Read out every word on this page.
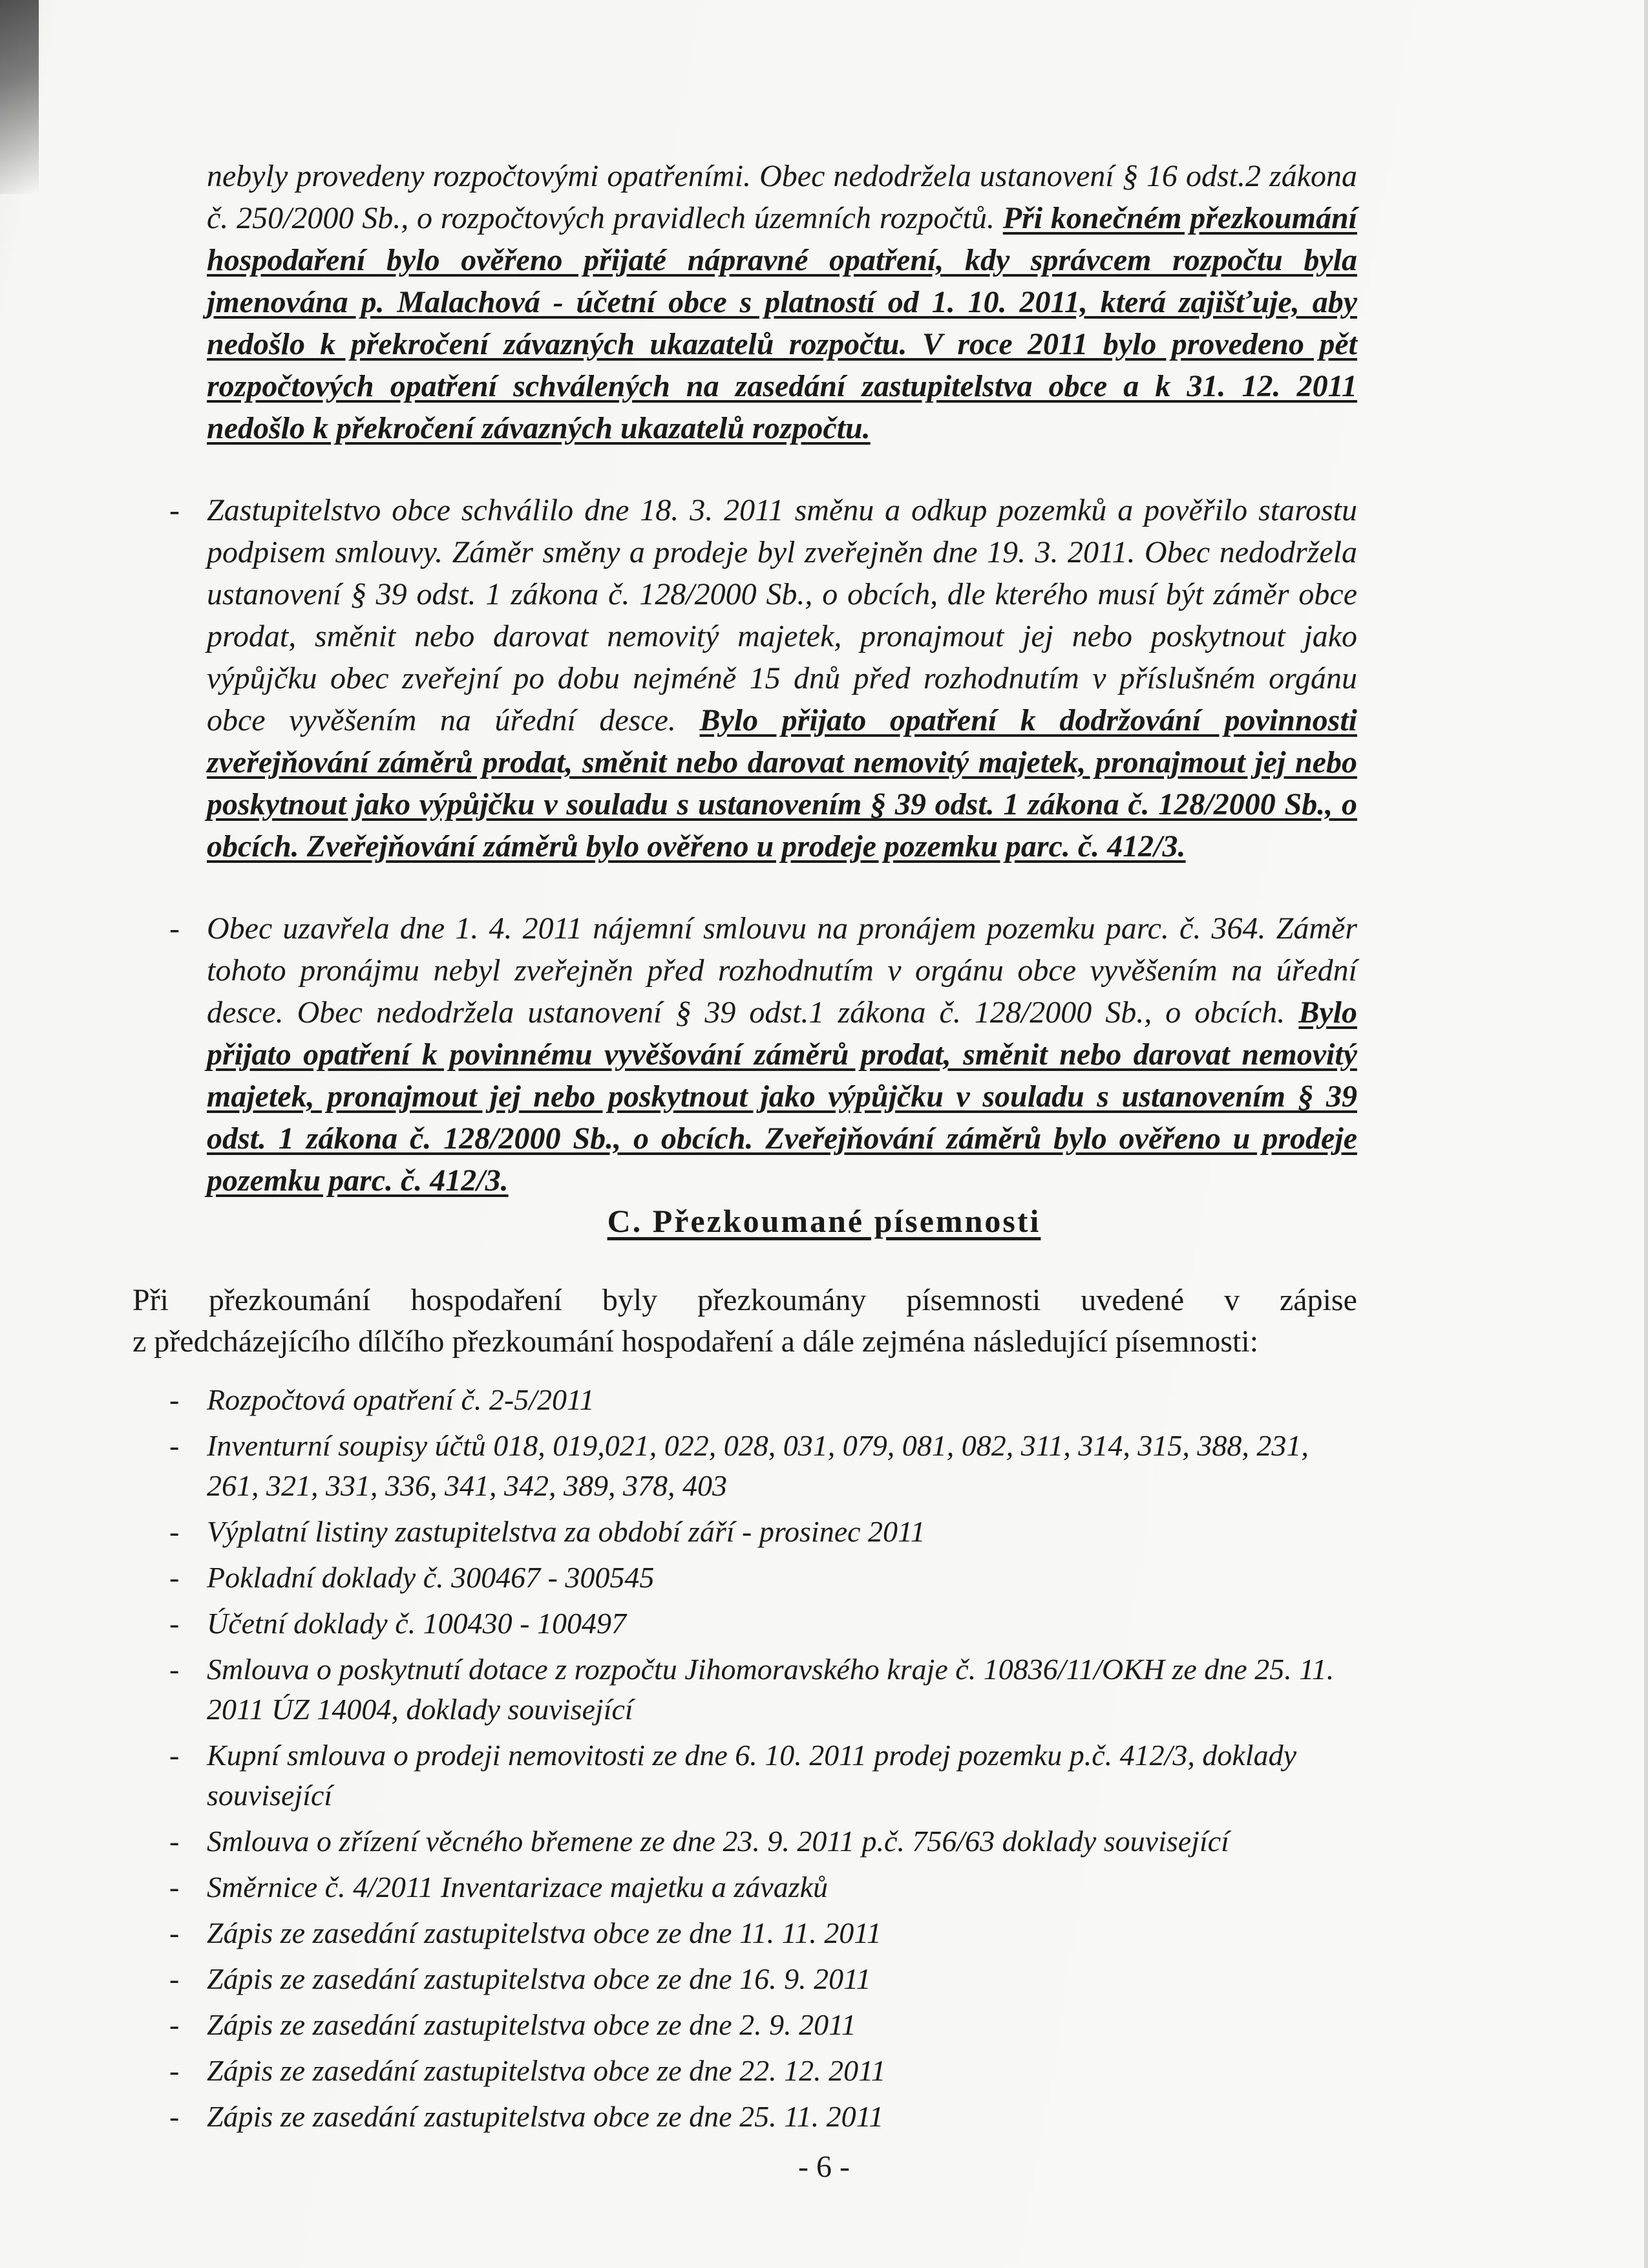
nebyly provedeny rozpočtovými opatřeními. Obec nedodržela ustanovení § 16 odst.2 zákona č. 250/2000 Sb., o rozpočtových pravidlech územních rozpočtů. Při konečném přezkoumání hospodaření bylo ověřeno přijaté nápravné opatření, kdy správcem rozpočtu byla jmenována p. Malachová - účetní obce s platností od 1. 10. 2011, která zajišťuje, aby nedošlo k překročení závazných ukazatelů rozpočtu. V roce 2011 bylo provedeno pět rozpočtových opatření schválených na zasedání zastupitelstva obce a k 31. 12. 2011 nedošlo k překročení závazných ukazatelů rozpočtu.

- Zastupitelstvo obce schválilo dne 18. 3. 2011 směnu a odkup pozemků a pověřilo starostu podpisem smlouvy. Záměr směny a prodeje byl zveřejněn dne 19. 3. 2011. Obec nedodržela ustanovení § 39 odst. 1 zákona č. 128/2000 Sb., o obcích, dle kterého musí být záměr obce prodat, směnit nebo darovat nemovitý majetek, pronajmout jej nebo poskytnout jako výpůjčku obec zveřejní po dobu nejméně 15 dnů před rozhodnutím v příslušném orgánu obce vyvěšením na úřední desce. Bylo přijato opatření k dodržování povinnosti zveřejňování záměrů prodat, směnit nebo darovat nemovitý majetek, pronajmout jej nebo poskytnout jako výpůjčku v souladu s ustanovením § 39 odst. 1 zákona č. 128/2000 Sb., o obcích. Zveřejňování záměrů bylo ověřeno u prodeje pozemku parc. č. 412/3.

- Obec uzavřela dne 1. 4. 2011 nájemní smlouvu na pronájem pozemku parc. č. 364. Záměr tohoto pronájmu nebyl zveřejněn před rozhodnutím v orgánu obce vyvěšením na úřední desce. Obec nedodržela ustanovení § 39 odst.1 zákona č. 128/2000 Sb., o obcích. Bylo přijato opatření k povinnému vyvěšování záměrů prodat, směnit nebo darovat nemovitý majetek, pronajmout jej nebo poskytnout jako výpůjčku v souladu s ustanovením § 39 odst. 1 zákona č. 128/2000 Sb., o obcích. Zveřejňování záměrů bylo ověřeno u prodeje pozemku parc. č. 412/3.

C. Přezkoumané písemnosti
Při přezkoumání hospodaření byly přezkoumány písemnosti uvedené v zápise
z předcházejícího dílčího přezkoumání hospodaření a dále zejména následující písemnosti:

- Rozpočtová opatření č. 2-5/2011

- Inventurní soupisy účtů 018, 019,021, 022, 028, 031, 079, 081, 082, 311, 314, 315, 388, 231, 261, 321, 331, 336, 341, 342, 389, 378, 403

- Výplatní listiny zastupitelstva za období září - prosinec 2011

- Pokladní doklady č. 300467 - 300545

- Účetní doklady č. 100430 - 100497

- Smlouva o poskytnutí dotace z rozpočtu Jihomoravského kraje č. 10836/11/OKH ze dne 25. 11. 2011 ÚZ 14004, doklady související

- Kupní smlouva o prodeji nemovitosti ze dne 6. 10. 2011 prodej pozemku p.č. 412/3, doklady související

- Smlouva o zřízení věcného břemene ze dne 23. 9. 2011 p.č. 756/63 doklady související

- Směrnice č. 4/2011 Inventarizace majetku a závazků

- Zápis ze zasedání zastupitelstva obce ze dne 11. 11. 2011

- Zápis ze zasedání zastupitelstva obce ze dne 16. 9. 2011

- Zápis ze zasedání zastupitelstva obce ze dne 2. 9. 2011

- Zápis ze zasedání zastupitelstva obce ze dne 22. 12. 2011

- Zápis ze zasedání zastupitelstva obce ze dne 25. 11. 2011

- 6 -
